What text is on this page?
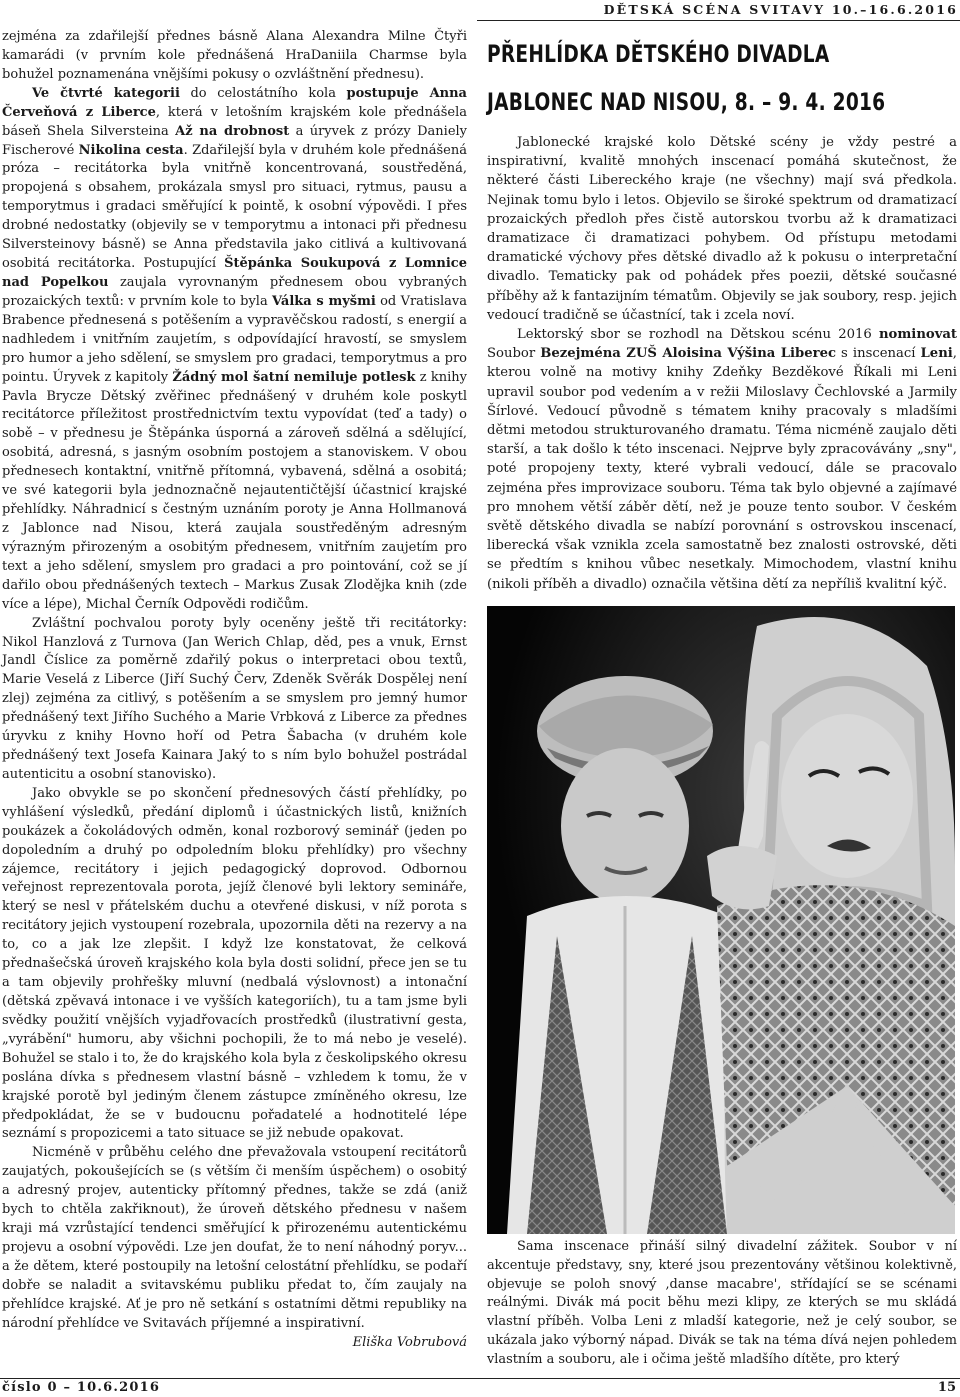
DĚTSKÁ SCÉNA SVITAVY 10.–16.6.2016

zejména za zdařilejší přednes básně Alana Alexandra Milne Čtyři kamarádi (v prvním kole přednášená HraDaniila Charmse byla bohužel poznamenána vnějšími pokusy o ozvláštnění přednesu).

Ve čtvrté kategorii do celostátního kola postupuje Anna Červeňová z Liberce, která v letošním krajském kole přednášela báseň Shela Silversteina Až na drobnost a úryvek z prózy Daniely Fischerové Nikolina cesta. Zdařilejší byla v druhém kole přednášená próza – recitátorka byla vnitřně koncentrovaná, soustředěná, propojená s obsahem, prokázala smysl pro situaci, rytmus, pausu a temporytmus i gradaci směřující k pointě, k osobní výpovědi. I přes drobné nedostatky (objevily se v temporytmu a intonaci při přednesu Silversteinovy básně) se Anna představila jako citlivá a kultivovaná osobitá recitátorka. Postupující Štěpánka Soukupová z Lomnice nad Popelkou zaujala vyrovnaným přednesem obou vybraných prozaických textů: v prvním kole to byla Válka s myšmi od Vratislava Brabence přednesená s potěšením a vypravěčskou radostí, s energií a nadhledem i vnitřním zaujetím, s odpovídající hravostí, se smyslem pro humor a jeho sdělení, se smyslem pro gradaci, temporytmus a pro pointu. Úryvek z kapitoly Žádný mol šatní nemiluje potlesk z knihy Pavla Brycze Dětský zvěřinec přednášený v druhém kole poskytl recitátorce příležitost prostřednictvím textu vypovídat (teď a tady) o sobě – v přednesu je Štěpánka úsporná a zároveň sdělná a sdělující, osobitá, adresná, s jasným osobním postojem a stanoviskem. V obou přednesech kontaktní, vnitřně přítomná, vybavená, sdělná a osobitá; ve své kategorii byla jednoznačně nejautentičtější účastnicí krajské přehlídky. Náhradnicí s čestným uznáním poroty je Anna Hollmanová z Jablonce nad Nisou, která zaujala soustředěným adresným výrazným přirozeným a osobitým přednesem, vnitřním zaujetím pro text a jeho sdělení, smyslem pro gradaci a pro pointování, což se jí dařilo obou přednášených textech – Markus Zusak Zlodějka knih (zde více a lépe), Michal Černík Odpovědi rodičům.

Zvláštní pochvalou poroty byly oceněny ještě tři recitátorky: Nikol Hanzlová z Turnova (Jan Werich Chlap, děd, pes a vnuk, Ernst Jandl Číslice za poměrně zdařilý pokus o interpretaci obou textů, Marie Veselá z Liberce (Jiří Suchý Červ, Zdeněk Svěrák Dospělej není zlej) zejména za citlivý, s potěšením a se smyslem pro jemný humor přednášený text Jiřího Suchého a Marie Vrbková z Liberce za přednes úryvku z knihy Hovno hoří od Petra Šabacha (v druhém kole přednášený text Josefa Kainara Jaký to s ním bylo bohužel postrádal autenticitu a osobní stanovisko).

Jako obvykle se po skončení přednesových částí přehlídky, po vyhlášení výsledků, předání diplomů i účastnických listů, knižních poukázek a čokoládových odměn, konal rozborový seminář (jeden po dopoledním a druhý po odpoledním bloku přehlídky) pro všechny zájemce, recitátory i jejich pedagogický doprovod. Odbornou veřejnost reprezentovala porota, jejíž členové byli lektory semináře, který se nesl v přátelském duchu a otevřené diskusi, v níž porota s recitátory jejich vystoupení rozebrala, upozornila děti na rezervy a na to, co a jak lze zlepšit. I když lze konstatovat, že celková přednašečská úroveň krajského kola byla dosti solidní, přece jen se tu a tam objevily prohřešky mluvní (nedbalá výslovnost) a intonační (dětská zpěvavá intonace i ve vyšších kategoriích), tu a tam jsme byli svědky použití vnějších vyjadřovacích prostředků (ilustrativní gesta, „vyrábění" humoru, aby všichni pochopili, že to má nebo je veselé). Bohužel se stalo i to, že do krajského kola byla z českolipského okresu poslána dívka s přednesem vlastní básně – vzhledem k tomu, že v krajské porotě byl jediným členem zástupce zmíněného okresu, lze předpokládat, že se v budoucnu pořadatelé a hodnotitelé lépe seznámí s propozicemi a tato situace se již nebude opakovat.

Nicméně v průběhu celého dne převažovala vstoupení recitátorů zaujatých, pokoušejících se (s větším či menším úspěchem) o osobitý a adresný projev, autenticky přítomný přednes, takže se zdá (aniž bych to chtěla zakřiknout), že úroveň dětského přednesu v našem kraji má vzrůstající tendenci směřující k přirozenému autentickému projevu a osobní výpovědi. Lze jen doufat, že to není náhodný poryv... a že dětem, které postoupily na letošní celostátní přehlídku, se podaří dobře se naladit a svitavskému publiku předat to, čím zaujaly na přehlídce krajské. Ať je pro ně setkání s ostatními dětmi republiky na národní přehlídce ve Svitavách příjemné a inspirativní.

Eliška Vobrubová

PŘEHLÍDKA DĚTSKÉHO DIVADLA
JABLONEC NAD NISOU, 8. – 9. 4. 2016

Jablonecké krajské kolo Dětské scény je vždy pestré a inspirativní, kvalitě mnohých inscenací pomáhá skutečnost, že některé části Libereckého kraje (ne všechny) mají svá předkola. Nejinak tomu bylo i letos. Objevilo se široké spektrum od dramatizací prozaických předloh přes čistě autorskou tvorbu až k dramatizaci dramatizace či dramatizaci pohybem. Od přístupu metodami dramatické výchovy přes dětské divadlo až k pokusu o interpretační divadlo. Tematicky pak od pohádek přes poezii, dětské současné příběhy až k fantazijním tématům. Objevily se jak soubory, resp. jejich vedoucí tradičně se účastnící, tak i zcela noví.

Lektorský sbor se rozhodl na Dětskou scénu 2016 nominovat Soubor Bezejména ZUŠ Aloisina Výšina Liberec s inscenací Leni, kterou volně na motivy knihy Zdeňky Bezděkové Říkali mi Leni upravil soubor pod vedením a v režii Miloslavy Čechlovské a Jarmily Šírlové. Vedoucí původně s tématem knihy pracovaly s mladšími dětmi metodou strukturovaného dramatu. Téma nicméně zaujalo děti starší, a tak došlo k této inscenaci. Nejprve byly zpracovávány „sny", poté propojeny texty, které vybrali vedoucí, dále se pracovalo zejména přes improvizace souboru. Téma tak bylo objevné a zajímavé pro mnohem větší záběr dětí, než je pouze tento soubor. V českém světě dětského divadla se nabízí porovnání s ostrovskou inscenací, liberecká však vznikla zcela samostatně bez znalosti ostrovské, děti se předtím s knihou vůbec nesetkaly. Mimochodem, vlastní knihu (nikoli příběh a divadlo) označila většina dětí za nepříliš kvalitní kýč.

Sama inscenace přináší silný divadelní zážitek. Soubor v ní akcentuje představy, sny, které jsou prezentovány většinou kolektivně, objevuje se poloh snový ‚danse macabre', střídající se se scénami reálnými. Divák má pocit běhu mezi klipy, ze kterých se mu skládá vlastní příběh. Volba Leni z mladší kategorie, než je celý soubor, se ukázala jako výborný nápad. Divák se tak na téma dívá nejen pohledem vlastním a souboru, ale i očima ještě mladšího dítěte, pro který

číslo 0 – 10.6.2016	15
